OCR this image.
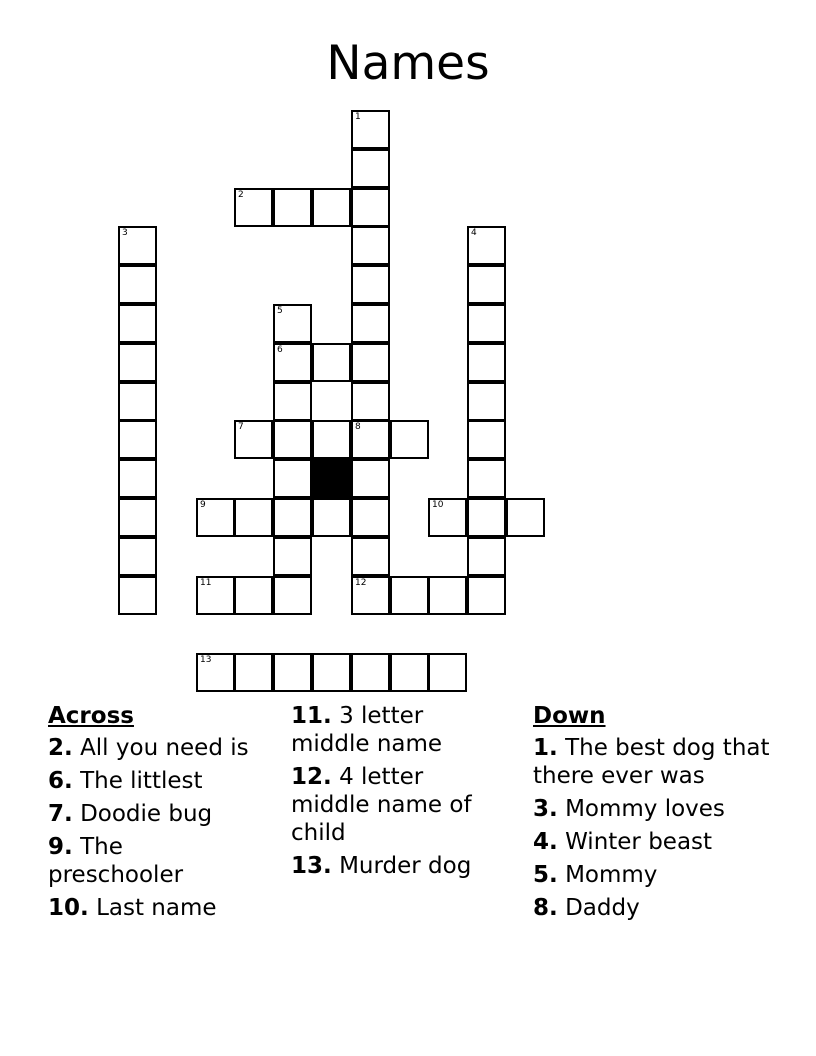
Names
1
2
3	4
5
6
7	8
12
9	10
11
13
Across
2. All you need is
6. The littlest
7. Doodie bug
9. The preschooler
10. Last name
11. 3 letter middle name
12. 4 letter middle name of child
13. Murder dog
Down
1. The best dog that there ever was
3. Mommy loves
4. Winter beast
5. Mommy
8. Daddy
